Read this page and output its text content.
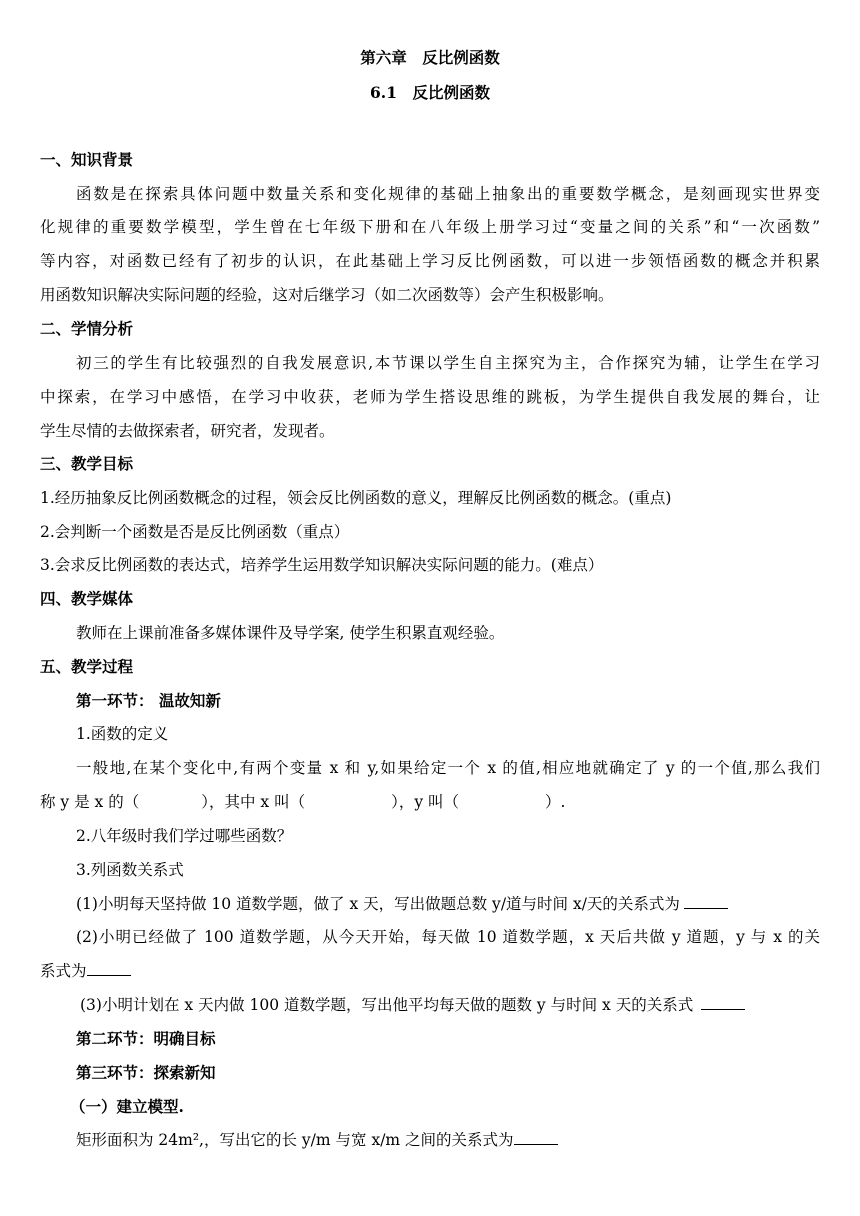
第六章　反比例函数
6.1　反比例函数
一、知识背景
函数是在探索具体问题中数量关系和变化规律的基础上抽象出的重要数学概念，是刻画现实世界变
化规律的重要数学模型，学生曾在七年级下册和在八年级上册学习过“变量之间的关系”和“一次函数”
等内容，对函数已经有了初步的认识，在此基础上学习反比例函数，可以进一步领悟函数的概念并积累
用函数知识解决实际问题的经验，这对后继学习（如二次函数等）会产生积极影响。
二、学情分析
初三的学生有比较强烈的自我发展意识,本节课以学生自主探究为主，合作探究为辅，让学生在学习
中探索，在学习中感悟，在学习中收获，老师为学生搭设思维的跳板，为学生提供自我发展的舞台，让
学生尽情的去做探索者，研究者，发现者。
三、教学目标
1.经历抽象反比例函数概念的过程，领会反比例函数的意义，理解反比例函数的概念。(重点)
2.会判断一个函数是否是反比例函数（重点）
3.会求反比例函数的表达式，培养学生运用数学知识解决实际问题的能力。(难点）
四、教学媒体
教师在上课前准备多媒体课件及导学案, 使学生积累直观经验。
五、教学过程
第一环节： 温故知新
1.函数的定义
一般地,在某个变化中,有两个变量 x 和 y,如果给定一个 x 的值,相应地就确定了 y 的一个值,那么我们
称 y 是 x 的（	），其中 x 叫（	），y 叫（	）.
2.八年级时我们学过哪些函数？
3.列函数关系式
(1)小明每天坚持做 10 道数学题，做了 x 天，写出做题总数 y/道与时间 x/天的关系式为
(2)小明已经做了 100 道数学题，从今天开始，每天做 10 道数学题，x 天后共做 y 道题，y 与 x 的关
系式为
(3)小明计划在 x 天内做 100 道数学题，写出他平均每天做的题数 y 与时间 x 天的关系式
第二环节：明确目标
第三环节：探索新知
（一）建立模型.
矩形面积为 24m²,，写出它的长 y/m 与宽 x/m 之间的关系式为
